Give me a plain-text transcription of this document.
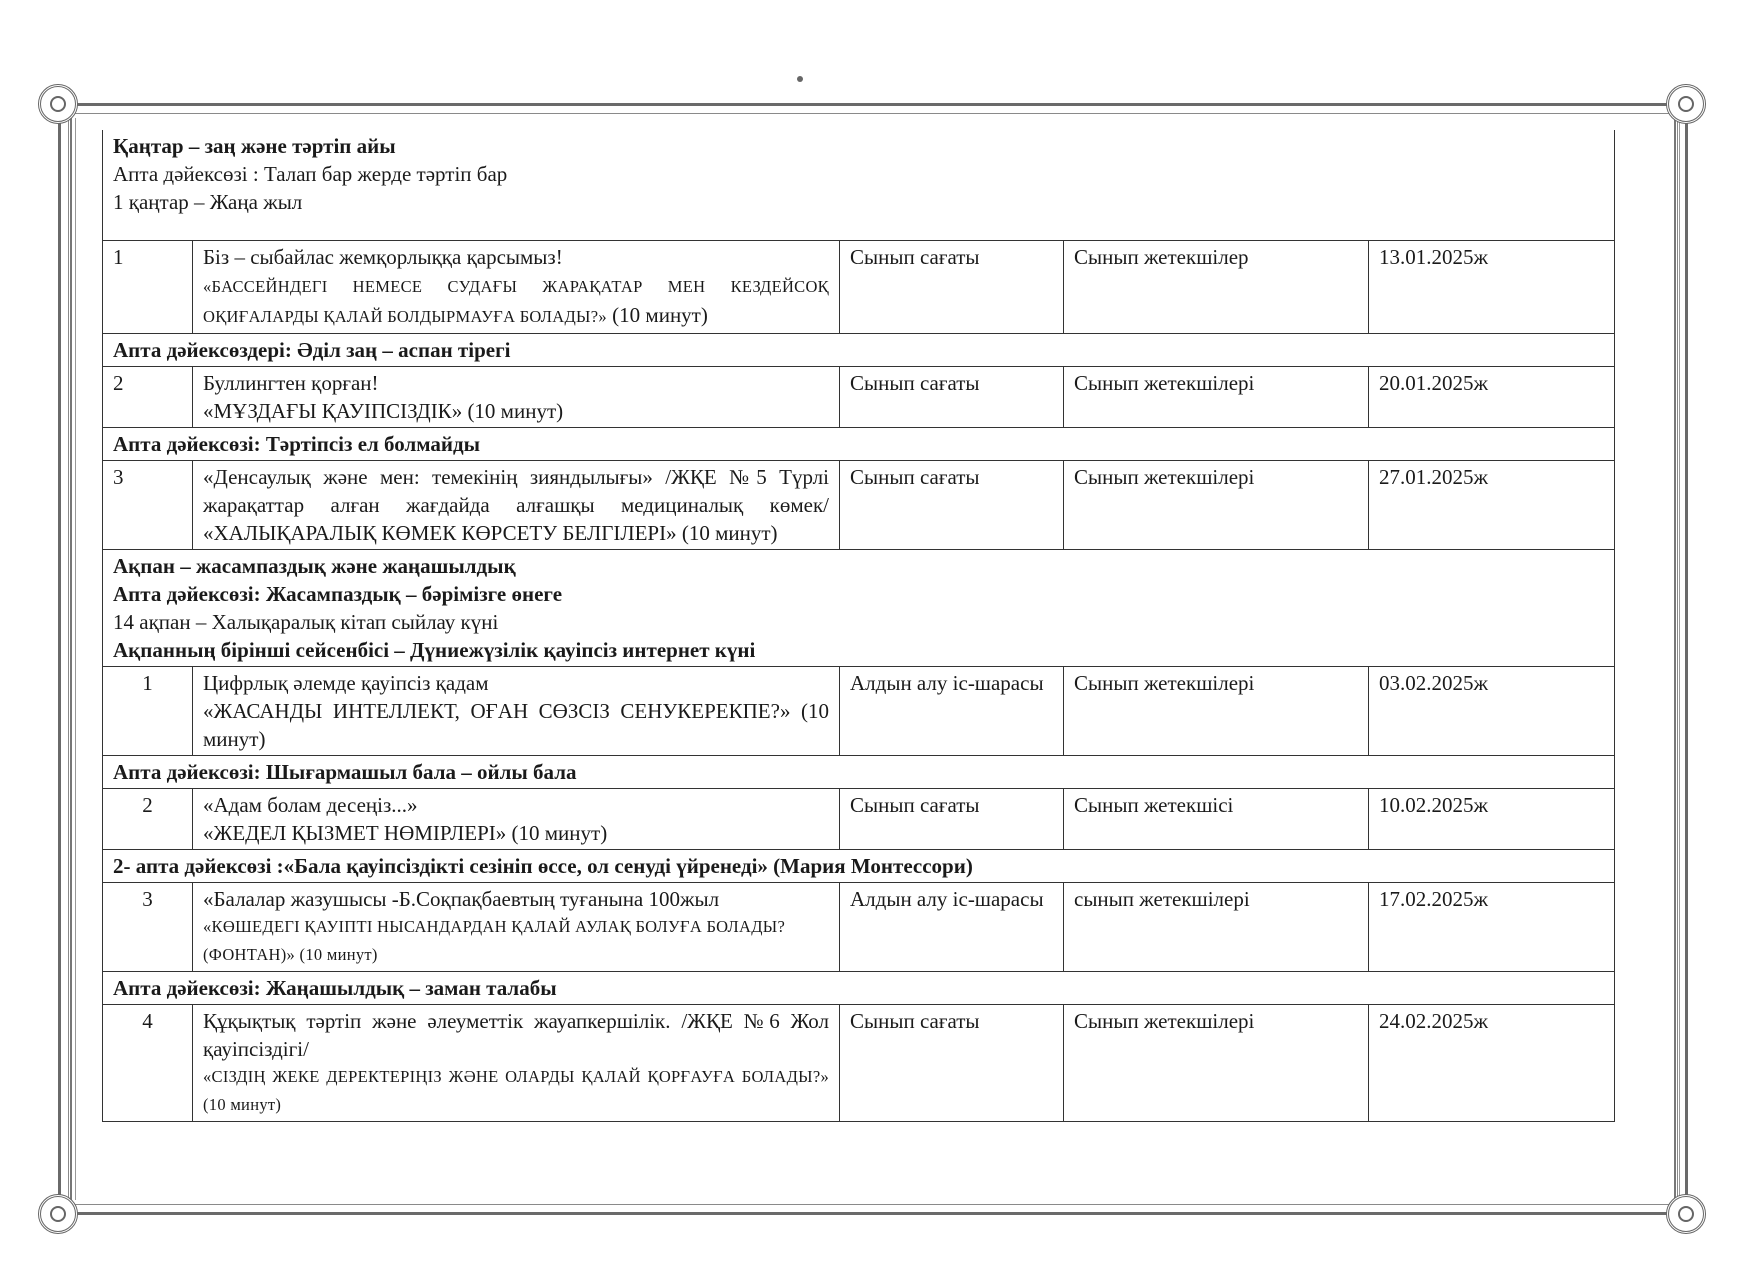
Қаңтар – заң және тәртіп айы
Апта дәйексөзі : Талап бар жерде тәртіп бар
1 қаңтар – Жаңа жыл				

1	Біз – сыбайлас жемқорлыққа қарсымыз!
«БАССЕЙНДЕГІ НЕМЕСЕ СУДАҒЫ ЖАРАҚАТАР МЕН КЕЗДЕЙСОҚ ОҚИҒАЛАРДЫ ҚАЛАЙ БОЛДЫРМАУҒА БОЛАДЫ?» (10 минут)	Сынып сағаты	Сынып жетекшілер	13.01.2025ж

Апта дәйексөздері: Әділ заң – аспан тірегі				

2	Буллингтен қорған!
«МҰЗДАҒЫ ҚАУІПСІЗДІК» (10 минут)	Сынып сағаты	Сынып жетекшілері	20.01.2025ж

Апта дәйексөзі: Тәртіпсіз ел болмайды				

3	«Денсаулық және мен: темекінің зияндылығы» /ЖҚЕ №5 Түрлі жарақаттар алған жағдайда алғашқы медициналық көмек/ «ХАЛЫҚАРАЛЫҚ КӨМЕК КӨРСЕТУ БЕЛГІЛЕРІ» (10 минут)	Сынып сағаты	Сынып жетекшілері	27.01.2025ж

Ақпан – жасампаздық және жаңашылдық
Апта дәйексөзі: Жасампаздық – бәрімізге өнеге
14 ақпан – Халықаралық кітап сыйлау күні
Ақпанның бірінші сейсенбісі – Дүниежүзілік қауіпсіз интернет күні				

1	Цифрлық әлемде қауіпсіз қадам
«ЖАСАНДЫ ИНТЕЛЛЕКТ, ОҒАН СӨЗСІЗ СЕНУКЕРЕКПЕ?» (10 минут)	Алдын алу іс-шарасы	Сынып жетекшілері	03.02.2025ж

Апта дәйексөзі: Шығармашыл бала – ойлы бала				

2	«Адам болам десеңіз...»
«ЖЕДЕЛ ҚЫЗМЕТ НӨМІРЛЕРІ» (10 минут)	Сынып сағаты	Сынып жетекшісі	10.02.2025ж

2- апта дәйексөзі :«Бала қауіпсіздікті сезініп өссе, ол сенуді үйренеді» (Мария Монтессори)				

3	«Балалар жазушысы -Б.Соқпақбаевтың туғанына 100жыл
«КӨШЕДЕГІ ҚАУІПТІ НЫСАНДАРДАН ҚАЛАЙ АУЛАҚ БОЛУҒА БОЛАДЫ? (ФОНТАН)» (10 минут)	Алдын алу іс-шарасы	сынып жетекшілері	17.02.2025ж

Апта дәйексөзі: Жаңашылдық – заман талабы				

4	Құқықтық тәртіп және әлеуметтік жауапкершілік. /ЖҚЕ №6 Жол қауіпсіздігі/
«СІЗДІҢ ЖЕКЕ ДЕРЕКТЕРІҢІЗ ЖӘНЕ ОЛАРДЫ ҚАЛАЙ ҚОРҒАУҒА БОЛАДЫ?» (10 минут)	Сынып сағаты	Сынып жетекшілері	24.02.2025ж
